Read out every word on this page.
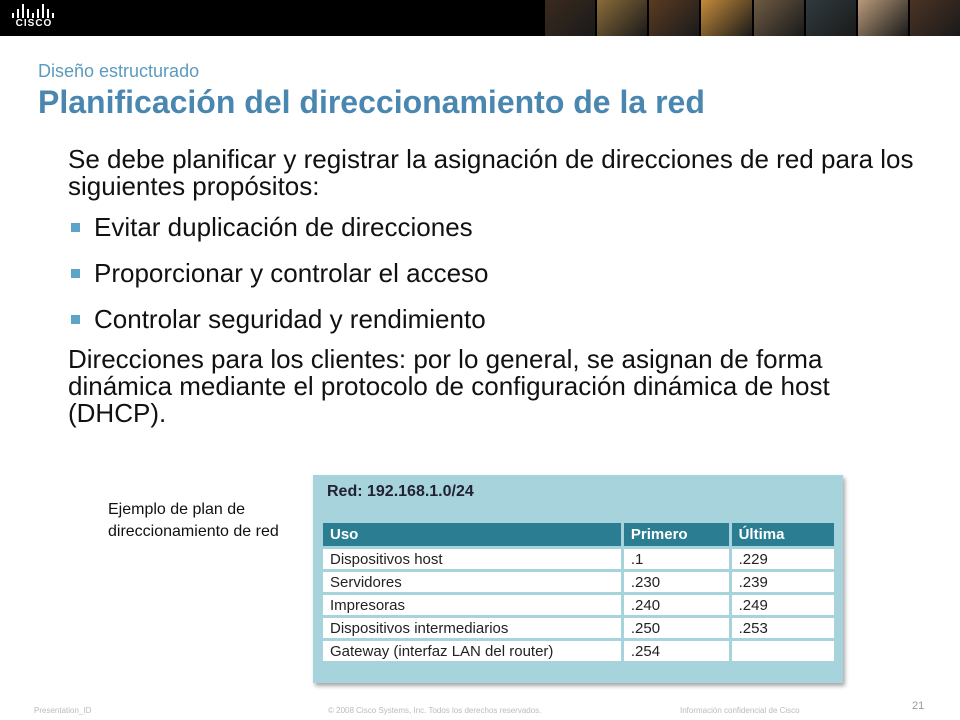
CISCO
Diseño estructurado
Planificación del direccionamiento de la red

Se debe planificar y registrar la asignación de direcciones de red para los siguientes propósitos:

Evitar duplicación de direcciones
Proporcionar y controlar el acceso
Controlar seguridad y rendimiento

Direcciones para los clientes: por lo general, se asignan de forma dinámica mediante el protocolo de configuración dinámica de host (DHCP).

Ejemplo de plan de direccionamiento de red
Red: 192.168.1.0/24
Uso	Primero	Última
Dispositivos host	.1	.229
Servidores	.230	.239
Impresoras	.240	.249
Dispositivos intermediarios	.250	.253
Gateway (interfaz LAN del router)	.254	
Presentation_ID	© 2008 Cisco Systems, Inc. Todos los derechos reservados.	Información confidencial de Cisco	21
